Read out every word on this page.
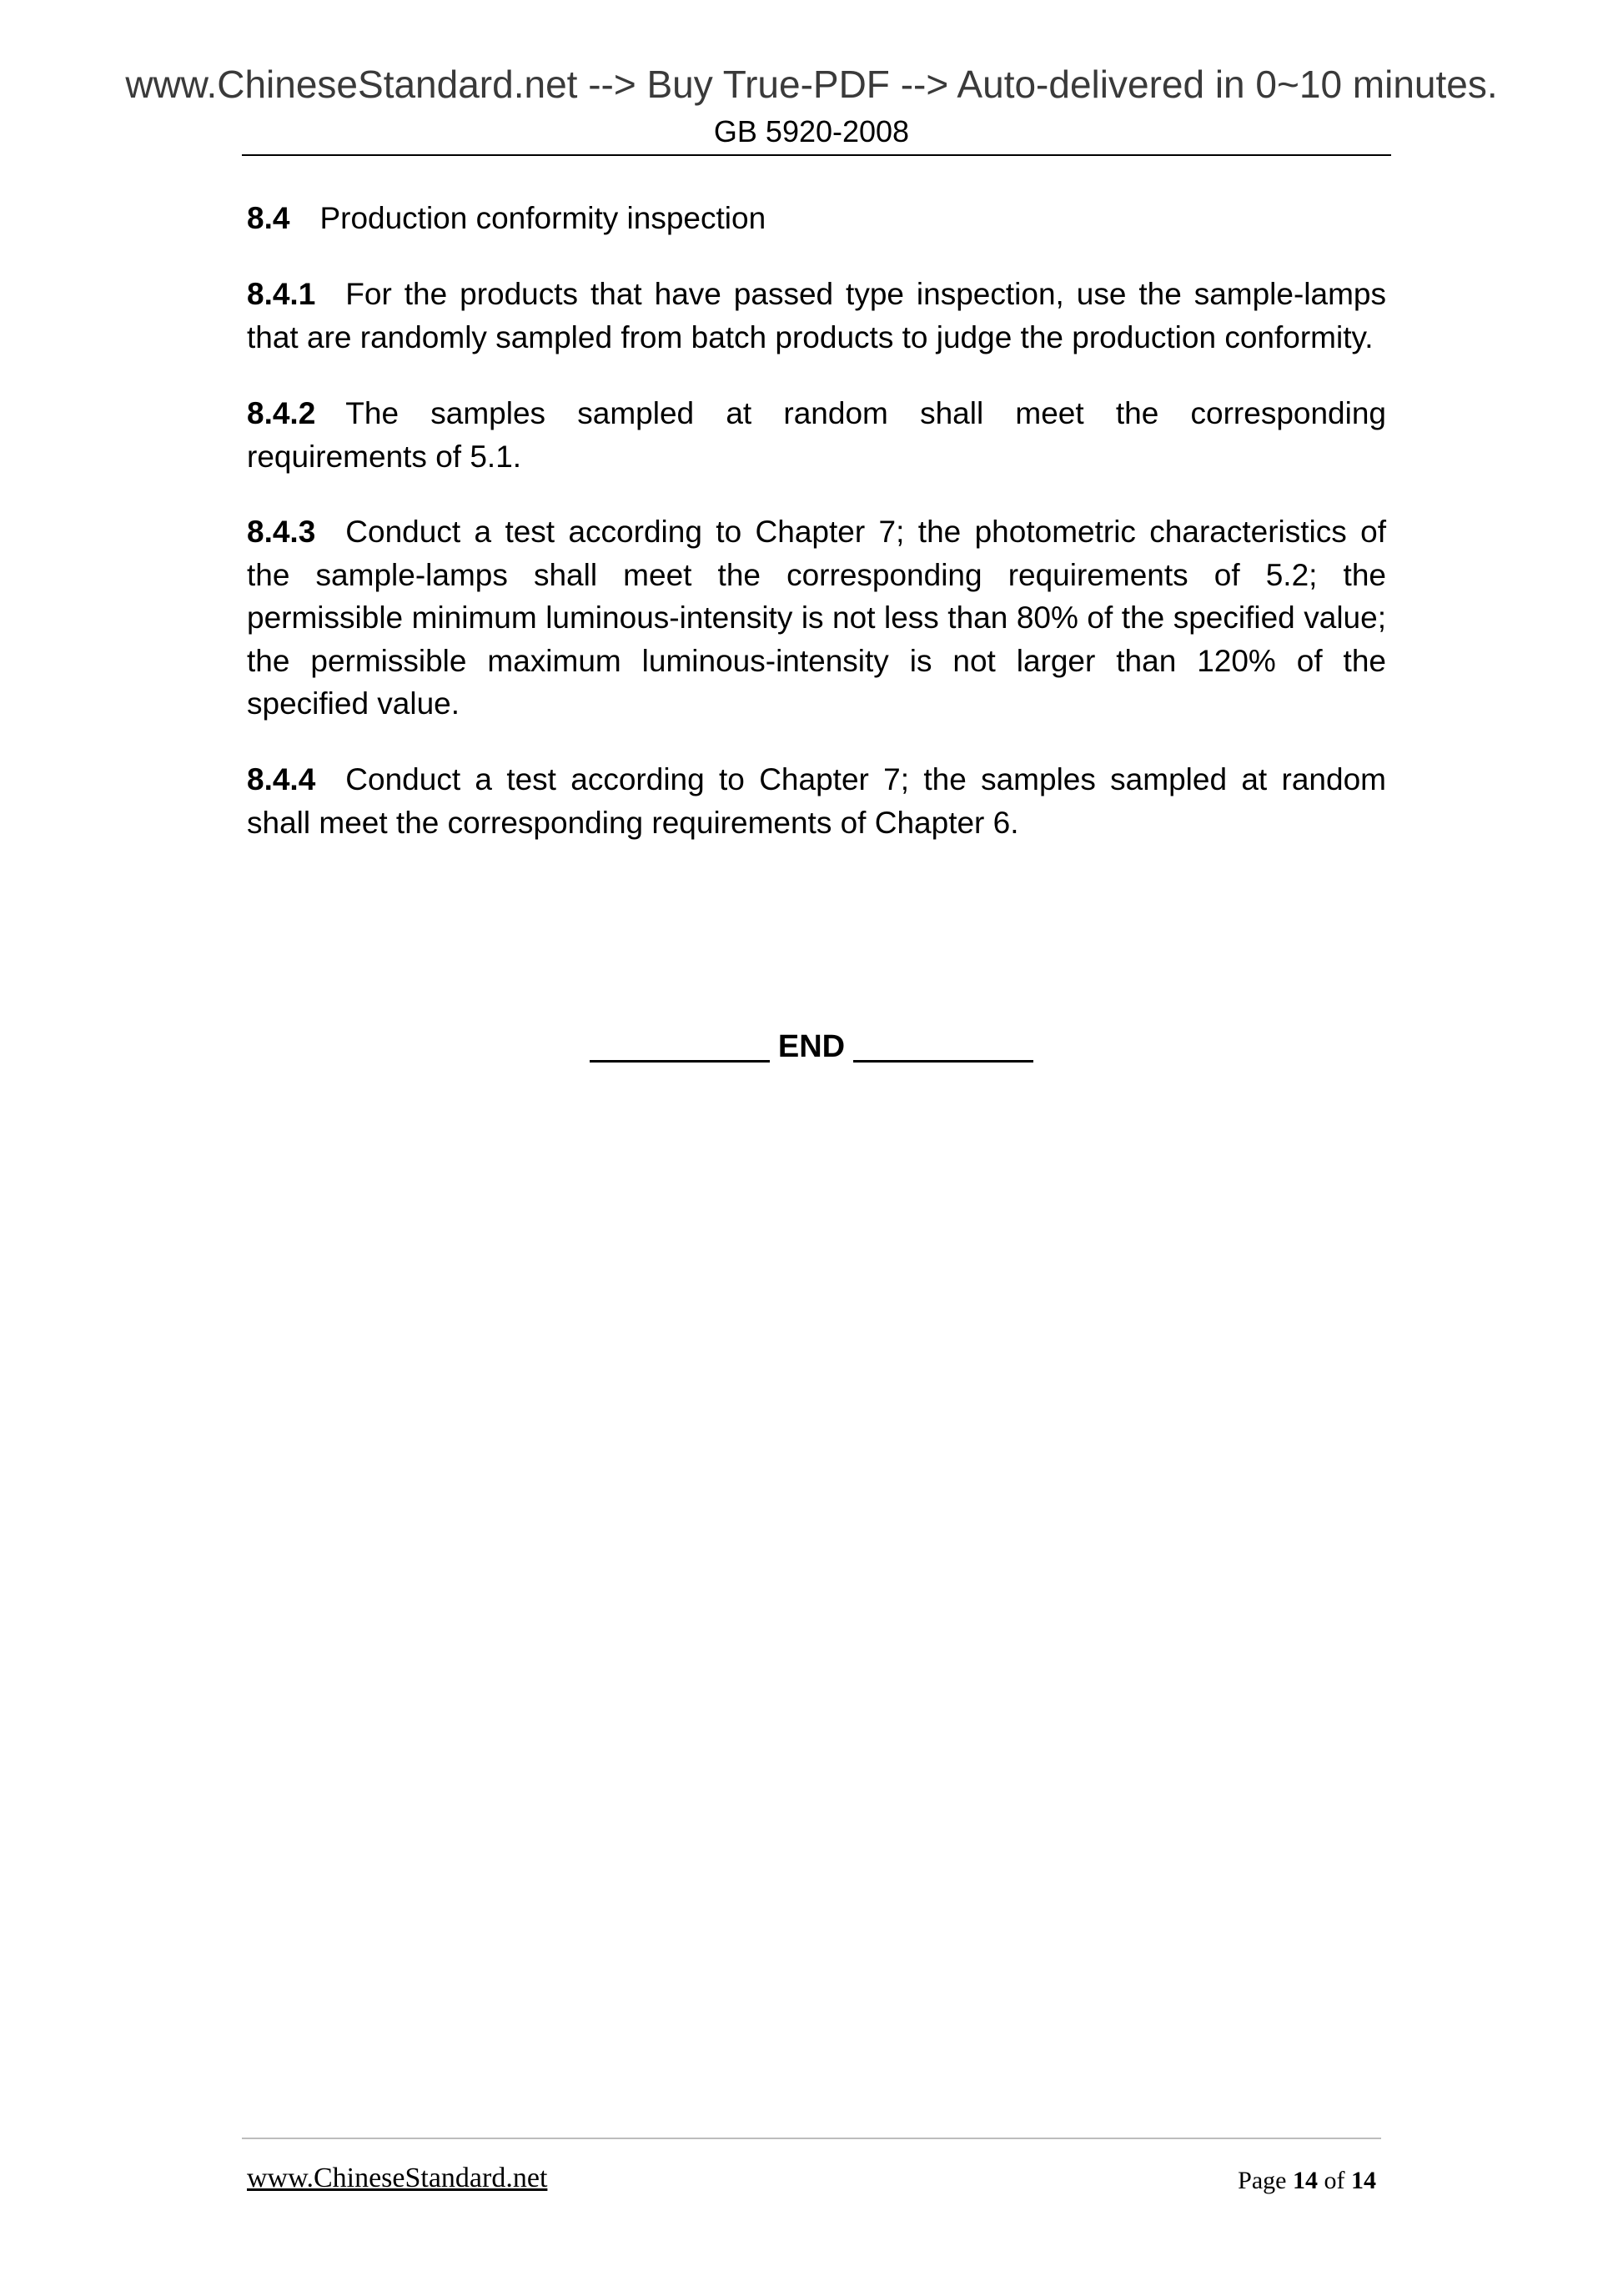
www.ChineseStandard.net --> Buy True-PDF --> Auto-delivered in 0~10 minutes.
GB 5920-2008

8.4 Production conformity inspection

8.4.1 For the products that have passed type inspection, use the sample-lamps that are randomly sampled from batch products to judge the production conformity.

8.4.2 The samples sampled at random shall meet the corresponding requirements of 5.1.

8.4.3 Conduct a test according to Chapter 7; the photometric characteristics of the sample-lamps shall meet the corresponding requirements of 5.2; the permissible minimum luminous-intensity is not less than 80% of the specified value; the permissible maximum luminous-intensity is not larger than 120% of the specified value.

8.4.4 Conduct a test according to Chapter 7; the samples sampled at random shall meet the corresponding requirements of Chapter 6.

END
www.ChineseStandard.net	Page 14 of 14
